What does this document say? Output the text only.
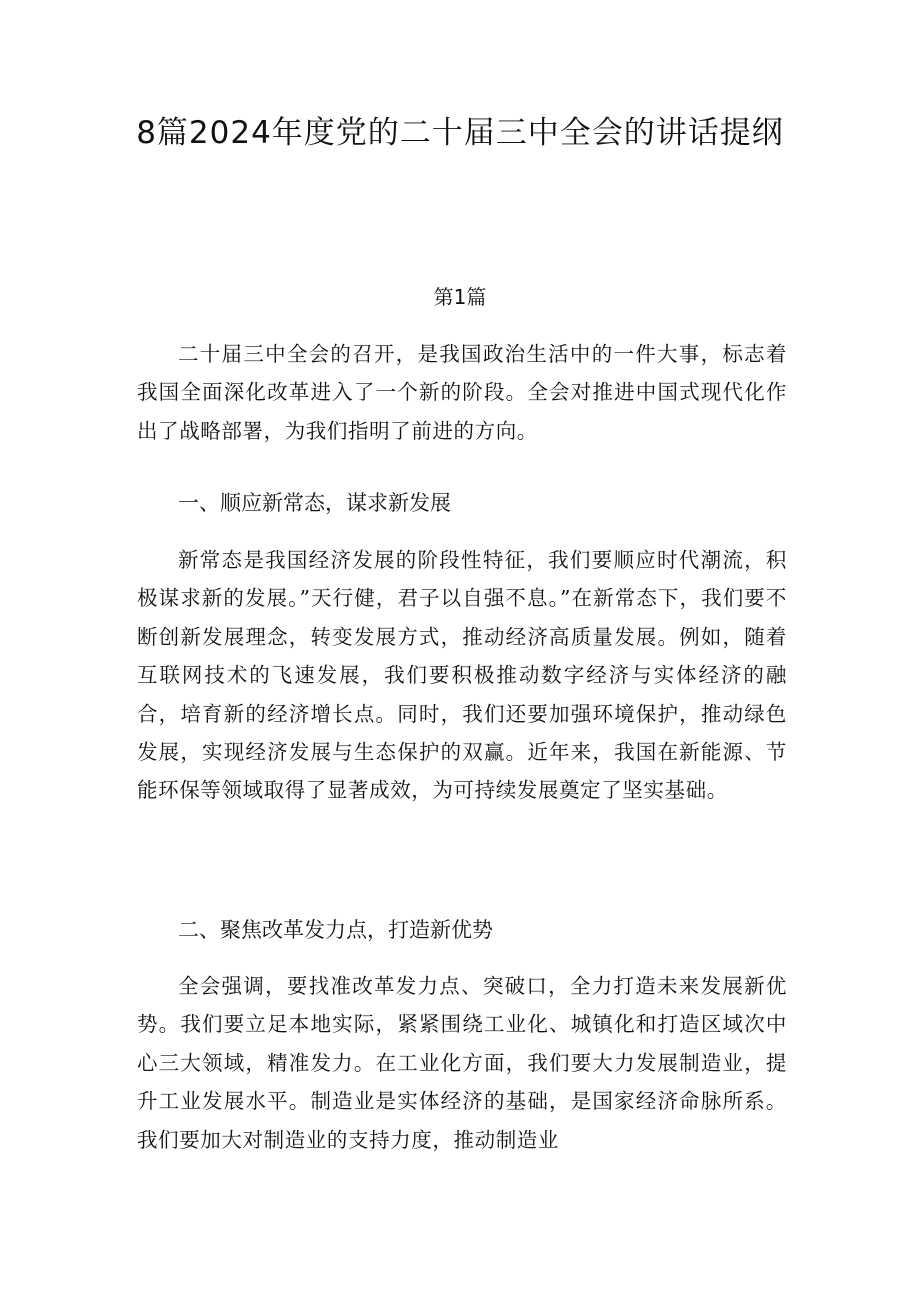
8篇2024年度党的二十届三中全会的讲话提纲
第1篇

二十届三中全会的召开，是我国政治生活中的一件大事，标志着我国全面深化改革进入了一个新的阶段。全会对推进中国式现代化作出了战略部署，为我们指明了前进的方向。

一、顺应新常态，谋求新发展

新常态是我国经济发展的阶段性特征，我们要顺应时代潮流，积极谋求新的发展。”天行健，君子以自强不息。”在新常态下，我们要不断创新发展理念，转变发展方式，推动经济高质量发展。例如，随着互联网技术的飞速发展，我们要积极推动数字经济与实体经济的融合，培育新的经济增长点。同时，我们还要加强环境保护，推动绿色发展，实现经济发展与生态保护的双赢。近年来，我国在新能源、节能环保等领域取得了显著成效，为可持续发展奠定了坚实基础。

二、聚焦改革发力点，打造新优势

全会强调，要找准改革发力点、突破口，全力打造未来发展新优势。我们要立足本地实际，紧紧围绕工业化、城镇化和打造区域次中心三大领域，精准发力。在工业化方面，我们要大力发展制造业，提升工业发展水平。制造业是实体经济的基础，是国家经济命脉所系。我们要加大对制造业的支持力度，推动制造业
